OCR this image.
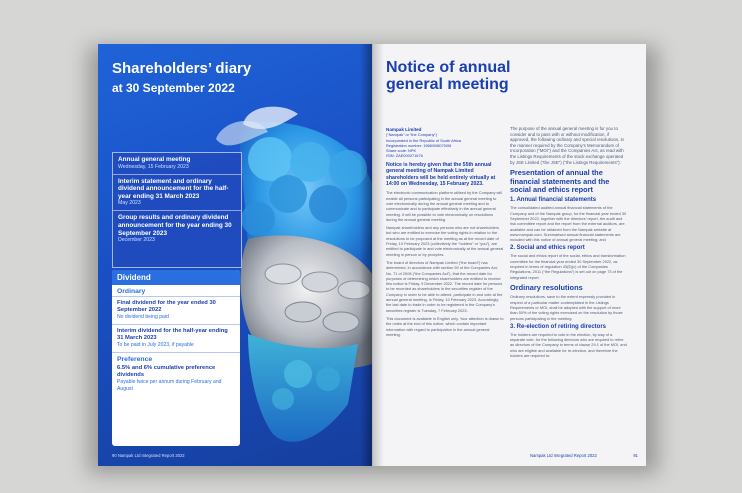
Shareholders’ diary
at 30 September 2022
Annual general meeting
Wednesday, 15 February 2023
Interim statement and ordinary dividend announcement for the half-year ending 31 March 2023
May 2023
Group results and ordinary dividend announcement for the year ending 30 September 2023
December 2023
Dividend
Ordinary
Final dividend for the year ended 30 September 2022
No dividend being paid
Interim dividend for the half-year ending 31 March 2023
To be paid in July 2023, if payable
Preference
6.5% and 6% cumulative preference dividends
Payable twice per annum during February and August
90 Nampak Ltd Integrated Report 2022
Notice of annual general meeting
Nampak Limited
(“Nampak” or “the Company”)
Incorporated in the Republic of South Africa
Registration number: 1968/008070/06
Share code: NPK
ISIN: ZAE000071676
Notice is hereby given that the 55th annual general meeting of Nampak Limited shareholders will be held entirely virtually at 14:00 on Wednesday, 15 February 2023.

The electronic communication platform utilised by the Company will enable all persons participating in the annual general meeting to vote electronically during the annual general meeting and to communicate and to participate effectively in the annual general meeting. It will be possible to vote electronically on resolutions during the annual general meeting.

Nampak shareholders and any persons who are not shareholders but who are entitled to exercise the voting rights in relation to the resolutions to be proposed at the meeting as at the record date of Friday, 10 February 2023 (collectively the “holders” or “you”), are entitled to participate in and vote electronically at the annual general meeting in person or by proxy/ies.

The board of directors of Nampak Limited (“the board”) has determined, in accordance with section 59 of the Companies Act, No. 71 of 2008 (“the Companies Act”), that the record date for purposes of determining which shareholders are entitled to receive this notice is Friday, 9 December 2022. The record date for persons to be recorded as shareholders in the securities register of the Company in order to be able to attend, participate in and vote at the annual general meeting, is Friday, 10 February 2023. Accordingly, the last date to trade in order to be registered in the Company’s securities register is Tuesday, 7 February 2023.

This document is available in English only. Your attention is drawn to the notes at the end of this notice, which contain important information with regard to participation in the annual general meeting.

The purpose of the annual general meeting is for you to consider and to pass with or without modification, if approved, the following ordinary and special resolutions, in the manner required by the Company’s Memorandum of Incorporation (“MOI”) and the Companies Act, as read with the Listings Requirements of the stock exchange operated by JSE Limited (“the JSE”) (“the Listings Requirements”):

Presentation of annual the financial statements and the social and ethics report
1. Annual financial statements

The consolidated audited annual financial statements of the Company and of the Nampak group, for the financial year ended 30 September 2022, together with the directors’ report, the audit and risk committee report and the report from the external auditors, are available and can be obtained from the Nampak website at www.nampak.com. Summarised annual financial statements are included with this notice of annual general meeting; and

2. Social and ethics report

The social and ethics report of the social, ethics and transformation committee for the financial year ended 30 September 2022, as required in terms of regulation 43(5)(c) of the Companies Regulations, 2011 (“the Regulations”) is set out on page 73 of the integrated report.

Ordinary resolutions

Ordinary resolutions, save to the extent expressly provided in respect of a particular matter contemplated in the Listings Requirements or MOI, shall be adopted with the support of more than 50% of the voting rights exercised on the resolution by those persons participating in the meeting.

3. Re-election of retiring directors

The holders are required to vote in the election, by way of a separate vote, for the following directors who are required to retire as directors of the Company in terms of clause 29.1 of the MOI, and who are eligible and available for re-election, and therefore the holders are required to:

Nampak Ltd Integrated Report 2022	91
